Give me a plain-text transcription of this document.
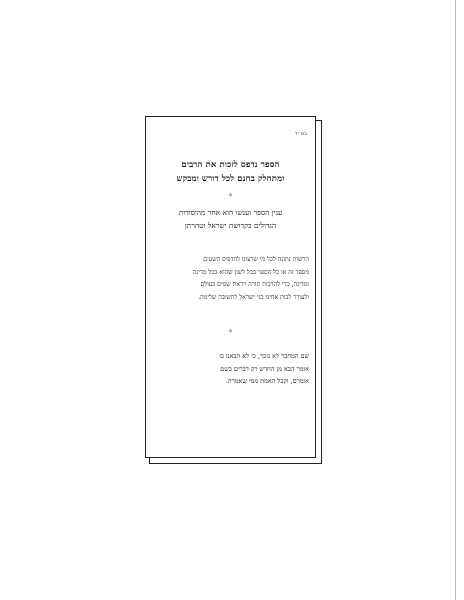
בס״ד
הספר נדפס לזכות את הרבים
ומתחלק בחנם לכל דורש ומבקש
✧
ענין הספר וענשו הוא אחר מהיסודות
הגדולים בקדושת ישראל וטהרתן
הרשות נתונה לכל מי שרצונו להדפיס השעים
מספר זה או כל הספר בכל לשון שהוא בכל מדינה
ומדינה, כדי להרבות תורה ויראת שמים בעולם
ולעורר לבות אחינו בני ישראל לתשובה שלימה.
✧
שם המחבר לא נזכר, כי לא הבאנו בו
אומר הבא מן החדש רק דברים בשם
אומרם, וקבל האמת ממי שאמרה.
